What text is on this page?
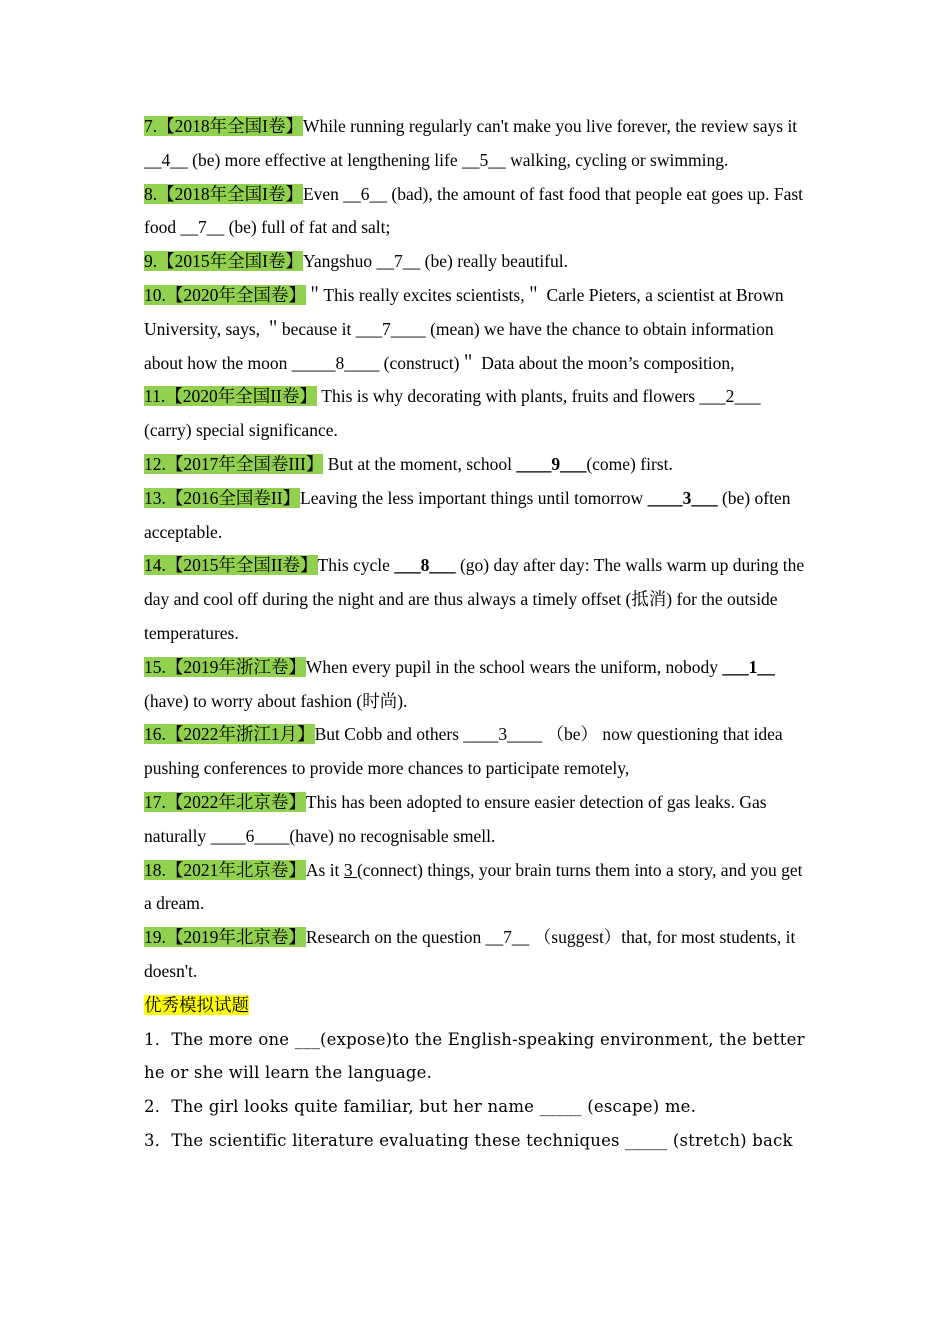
7.【2018年全国I卷】While running regularly can't make you live forever, the review says it __4__ (be) more effective at lengthening life __5__ walking, cycling or swimming.

8.【2018年全国I卷】Even __6__ (bad), the amount of fast food that people eat goes up. Fast food __7__ (be) full of fat and salt;

9.【2015年全国I卷】Yangshuo __7__ (be) really beautiful.

10.【2020年全国卷】＂This really excites scientists,＂ Carle Pieters, a scientist at Brown University, says, ＂because it ___7____ (mean) we have the chance to obtain information about how the moon _____8____ (construct)＂ Data about the moon’s composition,

11.【2020年全国II卷】 This is why decorating with plants, fruits and flowers ___2___ (carry) special significance.

12.【2017年全国卷III】 But at the moment, school ____9___(come) first.

13.【2016全国卷II】Leaving the less important things until tomorrow ____3___ (be) often acceptable.

14.【2015年全国II卷】This cycle ___8___ (go) day after day: The walls warm up during the day and cool off during the night and are thus always a timely offset (抵消) for the outside temperatures.

15.【2019年浙江卷】When every pupil in the school wears the uniform, nobody ___1__ (have) to worry about fashion (时尚).

16.【2022年浙江1月】But Cobb and others ____3____ （be） now questioning that idea pushing conferences to provide more chances to participate remotely,

17.【2022年北京卷】This has been adopted to ensure easier detection of gas leaks. Gas naturally ____6____(have) no recognisable smell.

18.【2021年北京卷】As it 3 (connect) things, your brain turns them into a story, and you get a dream.

19.【2019年北京卷】Research on the question __7__ （suggest）that, for most students, it doesn't.

优秀模拟试题

1．The more one ___(expose)to the English-speaking environment, the better he or she will learn the language.

2．The girl looks quite familiar, but her name _____ (escape) me.

3．The scientific literature evaluating these techniques _____ (stretch) back
